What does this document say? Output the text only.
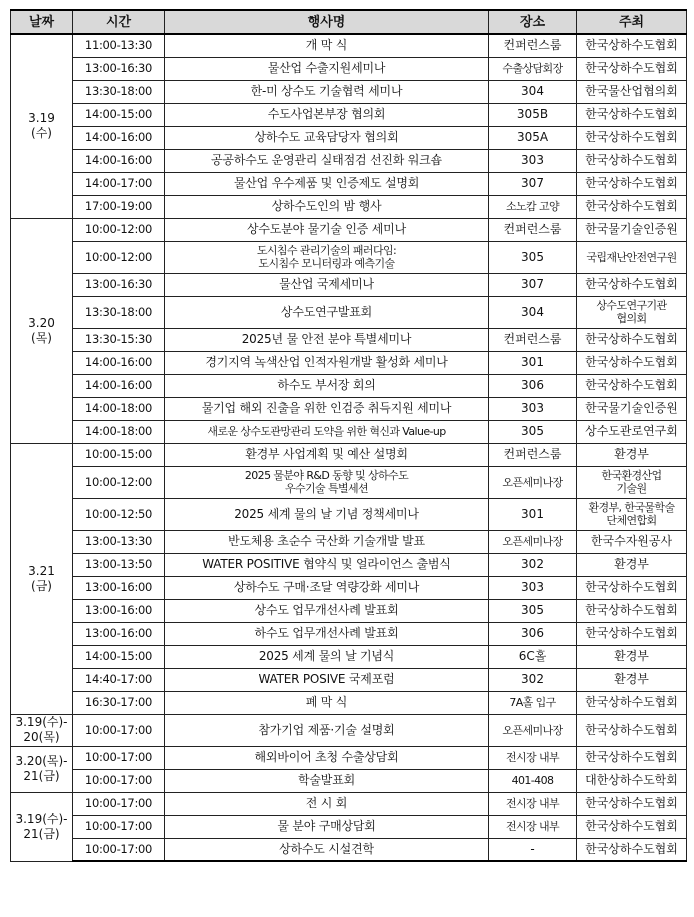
날짜	시간	행사명	장소	주최
3.19
(수)	11:00-13:30	개 막 식	컨퍼런스룸	한국상하수도협회
	13:00-16:30	물산업 수출지원세미나	수출상담회장	한국상하수도협회
	13:30-18:00	한-미 상수도 기술협력 세미나	304	한국물산업협의회
	14:00-15:00	수도사업본부장 협의회	305B	한국상하수도협회
	14:00-16:00	상하수도 교육담당자 협의회	305A	한국상하수도협회
	14:00-16:00	공공하수도 운영관리 실태점검 선진화 워크숍	303	한국상하수도협회
	14:00-17:00	물산업 우수제품 및 인증제도 설명회	307	한국상하수도협회
	17:00-19:00	상하수도인의 밤 행사	소노캄 고양	한국상하수도협회
3.20
(목)	10:00-12:00	상수도분야 물기술 인증 세미나	컨퍼런스룸	한국물기술인증원
	10:00-12:00	도시침수 관리기술의 패러다임:
도시침수 모니터링과 예측기술	305	국립재난안전연구원
	13:00-16:30	물산업 국제세미나	307	한국상하수도협회
	13:30-18:00	상수도연구발표회	304	상수도연구기관
협의회
	13:30-15:30	2025년 물 안전 분야 특별세미나	컨퍼런스룸	한국상하수도협회
	14:00-16:00	경기지역 녹색산업 인적자원개발 활성화 세미나	301	한국상하수도협회
	14:00-16:00	하수도 부서장 회의	306	한국상하수도협회
	14:00-18:00	물기업 해외 진출을 위한 인검증 취득지원 세미나	303	한국물기술인증원
	14:00-18:00	새로운 상수도관망관리 도약을 위한 혁신과 Value-up	305	상수도관로연구회
3.21
(금)	10:00-15:00	환경부 사업계획 및 예산 설명회	컨퍼런스룸	환경부
	10:00-12:00	2025 물분야 R&D 동향 및 상하수도
우수기술 특별세션	오픈세미나장	한국환경산업
기술원
	10:00-12:50	2025 세계 물의 날 기념 정책세미나	301	환경부, 한국물학술
단체연합회
	13:00-13:30	반도체용 초순수 국산화 기술개발 발표	오픈세미나장	한국수자원공사
	13:00-13:50	WATER POSITIVE 협약식 및 얼라이언스 출범식	302	환경부
	13:00-16:00	상하수도 구매·조달 역량강화 세미나	303	한국상하수도협회
	13:00-16:00	상수도 업무개선사례 발표회	305	한국상하수도협회
	13:00-16:00	하수도 업무개선사례 발표회	306	한국상하수도협회
	14:00-15:00	2025 세계 물의 날 기념식	6C홀	환경부
	14:40-17:00	WATER POSIVE 국제포럼	302	환경부
	16:30-17:00	폐 막 식	7A홀 입구	한국상하수도협회
3.19(수)-
20(목)	10:00-17:00	참가기업 제품·기술 설명회	오픈세미나장	한국상하수도협회
3.20(목)-
21(금)	10:00-17:00	해외바이어 초청 수출상담회	전시장 내부	한국상하수도협회
	10:00-17:00	학술발표회	401-408	대한상하수도학회
3.19(수)-
21(금)	10:00-17:00	전 시 회	전시장 내부	한국상하수도협회
	10:00-17:00	물 분야 구매상담회	전시장 내부	한국상하수도협회
	10:00-17:00	상하수도 시설견학	-	한국상하수도협회
